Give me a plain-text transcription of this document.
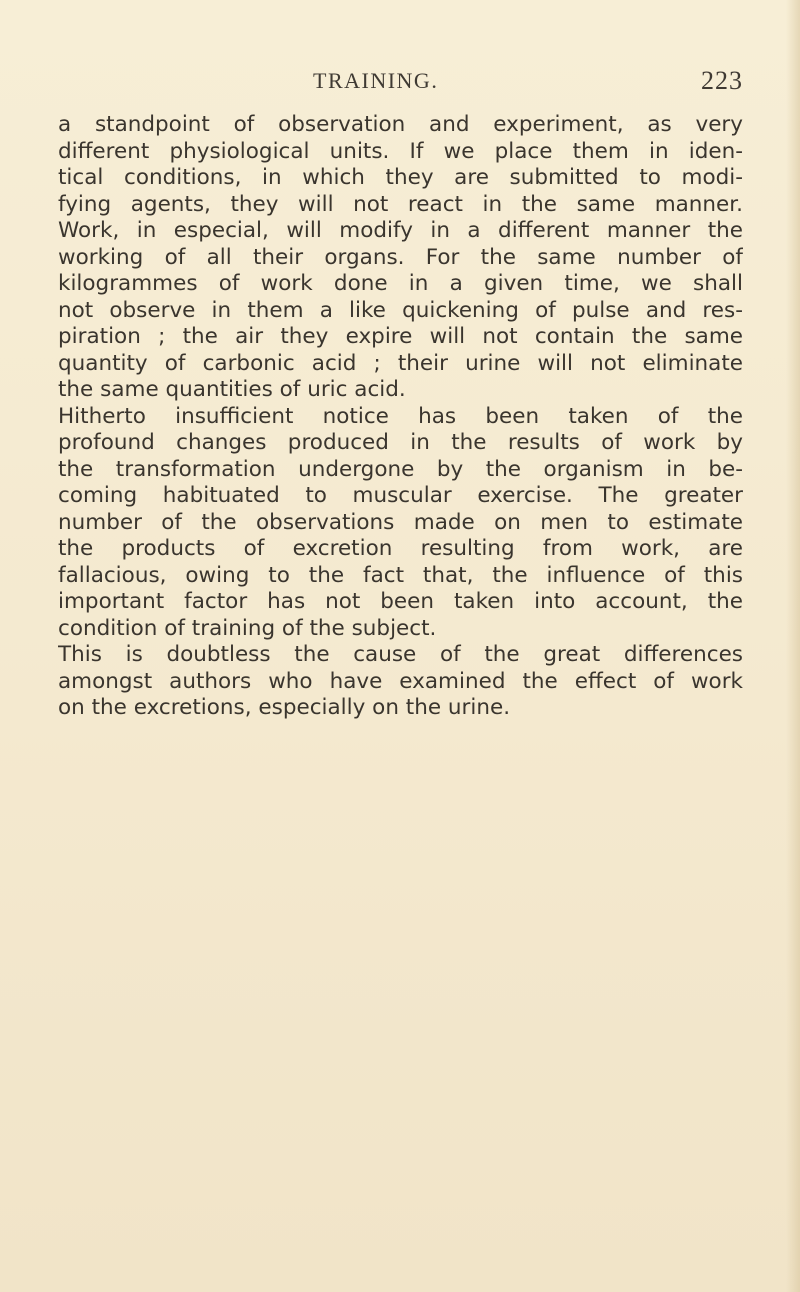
TRAINING.	223
a standpoint of observation and experiment, as very
different physiological units. If we place them in iden-
tical conditions, in which they are submitted to modi-
fying agents, they will not react in the same manner.
Work, in especial, will modify in a different manner the
working of all their organs. For the same number of
kilogrammes of work done in a given time, we shall
not observe in them a like quickening of pulse and res-
piration ; the air they expire will not contain the same
quantity of carbonic acid ; their urine will not eliminate
the same quantities of uric acid.
Hitherto insufficient notice has been taken of the
profound changes produced in the results of work by
the transformation undergone by the organism in be-
coming habituated to muscular exercise. The greater
number of the observations made on men to estimate
the products of excretion resulting from work, are
fallacious, owing to the fact that, the influence of this
important factor has not been taken into account, the
condition of training of the subject.
This is doubtless the cause of the great differences
amongst authors who have examined the effect of work
on the excretions, especially on the urine.
